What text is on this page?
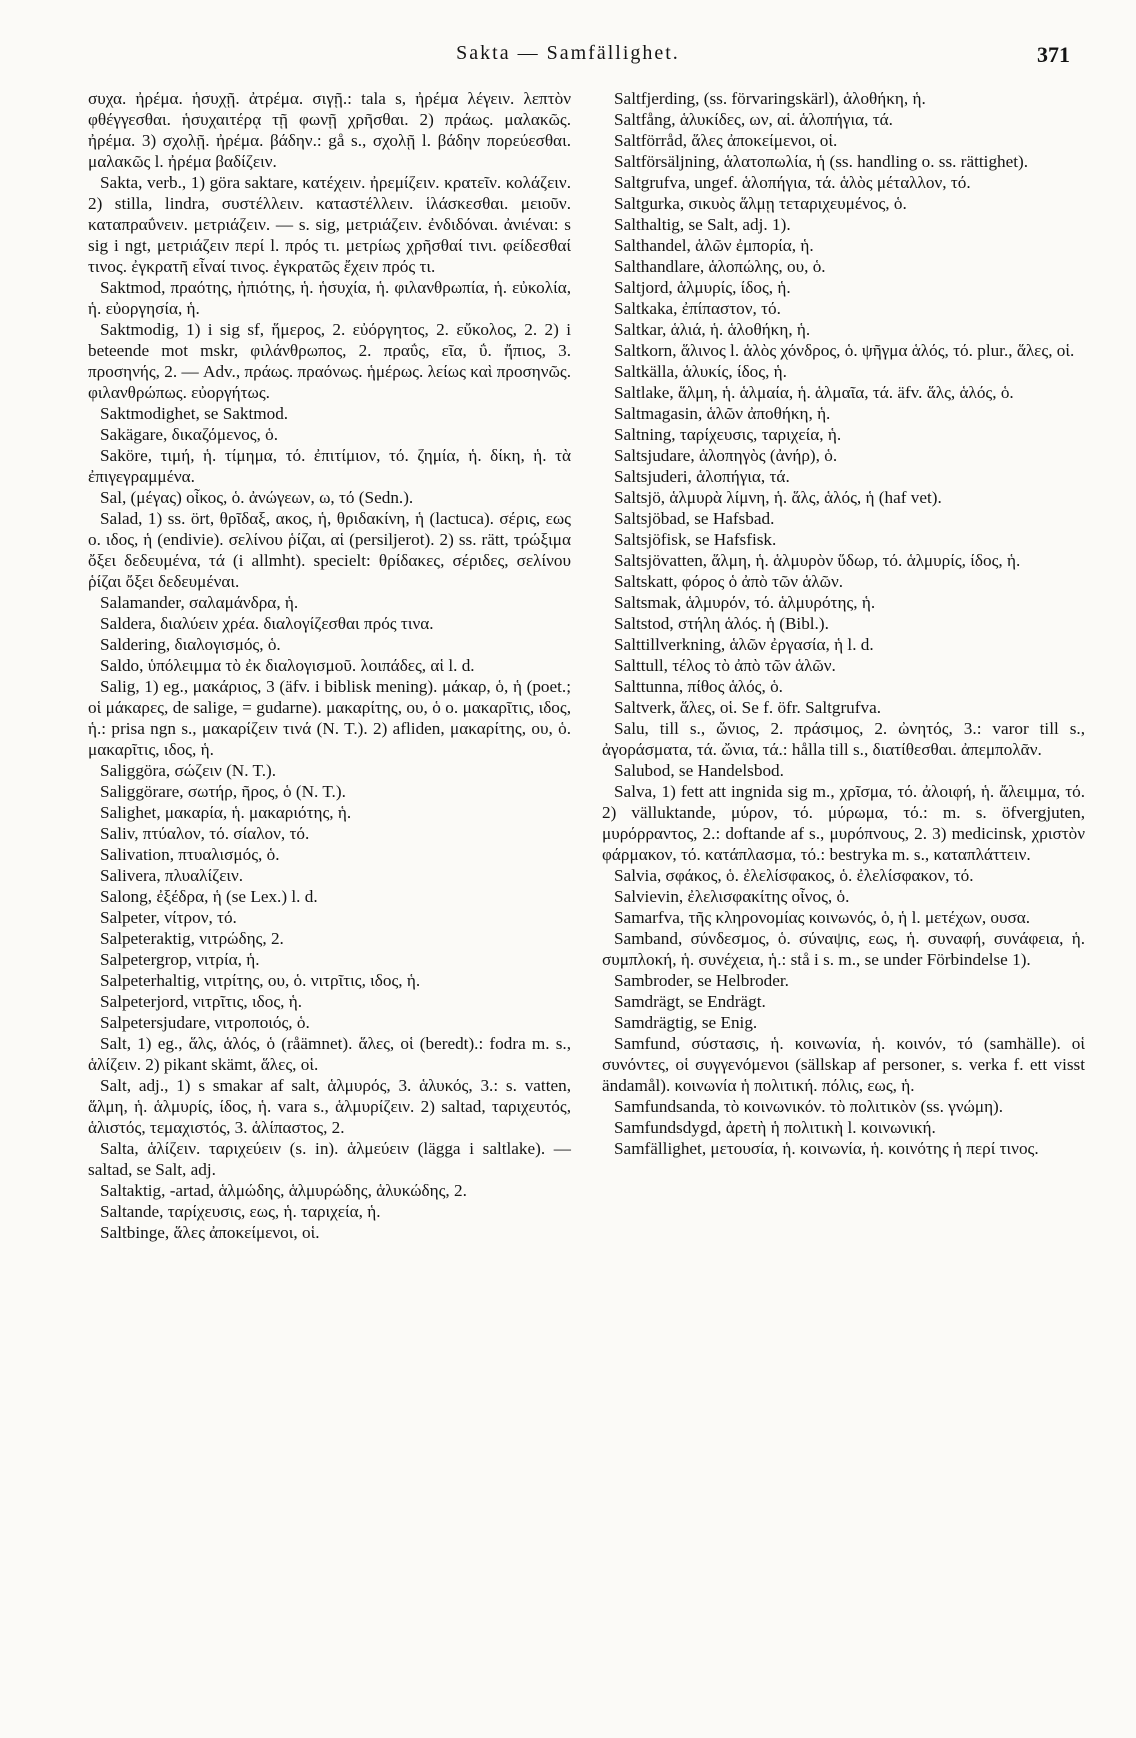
Sakta — Samfällighet.	371

συχα. ἠρέμα. ἡσυχῇ. ἀτρέμα. σιγῇ.: tala s, ἠρέμα λέγειν. λεπτὸν φθέγγεσθαι. ἡσυχαιτέρᾳ τῇ φωνῇ χρῆσθαι. 2) πράως. μαλακῶς. ἠρέμα. 3) σχολῇ. ἠρέμα. βάδην.: gå s., σχολῇ l. βάδην πορεύεσθαι. μαλακῶς l. ἠρέμα βαδίζειν.

Sakta, verb., 1) göra saktare, κατέχειν. ἠρεμίζειν. κρατεῖν. κολάζειν. 2) stilla, lindra, συστέλλειν. καταστέλλειν. ἱλάσκεσθαι. μειοῦν. καταπραΰνειν. μετριάζειν. — s. sig, μετριάζειν. ἐνδιδόναι. ἀνιέναι: s sig i ngt, μετριάζειν περί l. πρός τι. μετρίως χρῆσθαί τινι. φείδεσθαί τινος. ἐγκρατῆ εἶναί τινος. ἐγκρατῶς ἔχειν πρός τι.

Saktmod, πραότης, ἠπιότης, ἡ. ἡσυχία, ἡ. φιλανθρωπία, ἡ. εὐκολία, ἡ. εὐοργησία, ἡ.

Saktmodig, 1) i sig sf, ἥμερος, 2. εὐόργητος, 2. εὔκολος, 2. 2) i beteende mot mskr, φιλάνθρωπος, 2. πραΰς, εῖα, ΰ. ἤπιος, 3. προσηνής, 2. — Adv., πράως. πραόνως. ἡμέρως. λείως καὶ προσηνῶς. φιλανθρώπως. εὐοργήτως.

Saktmodighet, se Saktmod.

Sakägare, δικαζόμενος, ὁ.

Saköre, τιμή, ἡ. τίμημα, τό. ἐπιτίμιον, τό. ζημία, ἡ. δίκη, ἡ. τὰ ἐπιγεγραμμένα.

Sal, (μέγας) οἶκος, ὁ. ἀνώγεων, ω, τό (Sedn.).

Salad, 1) ss. ört, θρῖδαξ, ακος, ἡ, θριδακίνη, ἡ (lactuca). σέρις, εως o. ιδος, ἡ (endivie). σελίνου ῥίζαι, αἱ (persiljerot). 2) ss. rätt, τρώξιμα ὄξει δεδευμένα, τά (i allmht). specielt: θρίδακες, σέριδες, σελίνου ῥίζαι ὄξει δεδευμέναι.

Salamander, σαλαμάνδρα, ἡ.

Saldera, διαλύειν χρέα. διαλογίζεσθαι πρός τινα.

Saldering, διαλογισμός, ὁ.

Saldo, ὑπόλειμμα τὸ ἐκ διαλογισμοῦ. λοιπάδες, αἱ l. d.

Salig, 1) eg., μακάριος, 3 (äfv. i biblisk mening). μάκαρ, ὁ, ἡ (poet.; οἱ μάκαρες, de salige, = gudarne). μακαρίτης, ου, ὁ o. μακαρῖτις, ιδος, ἡ.: prisa ngn s., μακαρίζειν τινά (N. T.). 2) afliden, μακαρίτης, ου, ὁ. μακαρῖτις, ιδος, ἡ.

Saliggöra, σώζειν (N. T.).

Saliggörare, σωτήρ, ῆρος, ὁ (N. T.).

Salighet, μακαρία, ἡ. μακαριότης, ἡ.

Saliv, πτύαλον, τό. σίαλον, τό.

Salivation, πτυαλισμός, ὁ.

Salivera, πλυαλίζειν.

Salong, ἐξέδρα, ἡ (se Lex.) l. d.

Salpeter, νίτρον, τό.

Salpeteraktig, νιτρώδης, 2.

Salpetergrop, νιτρία, ἡ.

Salpeterhaltig, νιτρίτης, ου, ὁ. νιτρῖτις, ιδος, ἡ.

Salpeterjord, νιτρῖτις, ιδος, ἡ.

Salpetersjudare, νιτροποιός, ὁ.

Salt, 1) eg., ἅλς, ἁλός, ὁ (råämnet). ἅλες, οἱ (beredt).: fodra m. s., ἁλίζειν. 2) pikant skämt, ἅλες, οἱ.

Salt, adj., 1) s smakar af salt, ἁλμυρός, 3. ἁλυκός, 3.: s. vatten, ἅλμη, ἡ. ἁλμυρίς, ίδος, ἡ. vara s., ἁλμυρίζειν. 2) saltad, ταριχευτός, ἁλιστός, τεμαχιστός, 3. ἁλίπαστος, 2.

Salta, ἁλίζειν. ταριχεύειν (s. in). ἁλμεύειν (lägga i saltlake). — saltad, se Salt, adj.

Saltaktig, -artad, ἁλμώδης, ἁλμυρώδης, ἁλυκώδης, 2.

Saltande, ταρίχευσις, εως, ἡ. ταριχεία, ἡ.

Saltbinge, ἅλες ἀποκείμενοι, οἱ.

Saltfjerding, (ss. förvaringskärl), ἁλοθήκη, ἡ.

Saltfång, ἁλυκίδες, ων, αἱ. ἁλοπήγια, τά.

Saltförråd, ἅλες ἀποκείμενοι, οἱ.

Saltförsäljning, ἁλατοπωλία, ἡ (ss. handling o. ss. rättighet).

Saltgrufva, ungef. ἁλοπήγια, τά. ἁλὸς μέταλλον, τό.

Saltgurka, σικυὸς ἅλμῃ τεταριχευμένος, ὁ.

Salthaltig, se Salt, adj. 1).

Salthandel, ἁλῶν ἐμπορία, ἡ.

Salthandlare, ἁλοπώλης, ου, ὁ.

Saltjord, ἁλμυρίς, ίδος, ἡ.

Saltkaka, ἐπίπαστον, τό.

Saltkar, ἁλιά, ἡ. ἁλοθήκη, ἡ.

Saltkorn, ἅλινος l. ἁλὸς χόνδρος, ὁ. ψῆγμα ἁλός, τό. plur., ἅλες, οἱ.

Saltkälla, ἁλυκίς, ίδος, ἡ.

Saltlake, ἅλμη, ἡ. ἁλμαία, ἡ. ἁλμαῖα, τά. äfv. ἅλς, ἁλός, ὁ.

Saltmagasin, ἁλῶν ἀποθήκη, ἡ.

Saltning, ταρίχευσις, ταριχεία, ἡ.

Saltsjudare, ἁλοπηγὸς (ἀνήρ), ὁ.

Saltsjuderi, ἁλοπήγια, τά.

Saltsjö, ἁλμυρὰ λίμνη, ἡ. ἅλς, ἁλός, ἡ (haf vet).

Saltsjöbad, se Hafsbad.

Saltsjöfisk, se Hafsfisk.

Saltsjövatten, ἅλμη, ἡ. ἁλμυρὸν ὕδωρ, τό. ἁλμυρίς, ίδος, ἡ.

Saltskatt, φόρος ὁ ἀπὸ τῶν ἁλῶν.

Saltsmak, ἁλμυρόν, τό. ἁλμυρότης, ἡ.

Saltstod, στήλη ἁλός. ἡ (Bibl.).

Salttillverkning, ἁλῶν ἐργασία, ἡ l. d.

Salttull, τέλος τὸ ἀπὸ τῶν ἁλῶν.

Salttunna, πίθος ἁλός, ὁ.

Saltverk, ἅλες, οἱ. Se f. öfr. Saltgrufva.

Salu, till s., ὤνιος, 2. πράσιμος, 2. ὠνητός, 3.: varor till s., ἀγοράσματα, τά. ὤνια, τά.: hålla till s., διατίθεσθαι. ἀπεμπολᾶν.

Salubod, se Handelsbod.

Salva, 1) fett att ingnida sig m., χρῖσμα, τό. ἀλοιφή, ἡ. ἄλειμμα, τό. 2) välluktande, μύρον, τό. μύρωμα, τό.: m. s. öfvergjuten, μυρόρραντος, 2.: doftande af s., μυρόπνους, 2. 3) medicinsk, χριστὸν φάρμακον, τό. κατάπλασμα, τό.: bestryka m. s., καταπλάττειν.

Salvia, σφάκος, ὁ. ἐλελίσφακος, ὁ. ἐλελίσφακον, τό.

Salvievin, ἐλελισφακίτης οἶνος, ὁ.

Samarfva, τῆς κληρονομίας κοινωνός, ὁ, ἡ l. μετέχων, ουσα.

Samband, σύνδεσμος, ὁ. σύναψις, εως, ἡ. συναφή, συνάφεια, ἡ. συμπλοκή, ἡ. συνέχεια, ἡ.: stå i s. m., se under Förbindelse 1).

Sambroder, se Helbroder.

Samdrägt, se Endrägt.

Samdrägtig, se Enig.

Samfund, σύστασις, ἡ. κοινωνία, ἡ. κοινόν, τό (samhälle). οἱ συνόντες, οἱ συγγενόμενοι (sällskap af personer, s. verka f. ett visst ändamål). κοινωνία ἡ πολιτική. πόλις, εως, ἡ.

Samfundsanda, τὸ κοινωνικόν. τὸ πολιτικὸν (ss. γνώμη).

Samfundsdygd, ἀρετὴ ἡ πολιτικὴ l. κοινωνική.

Samfällighet, μετουσία, ἡ. κοινωνία, ἡ. κοινότης ἡ περί τινος.
